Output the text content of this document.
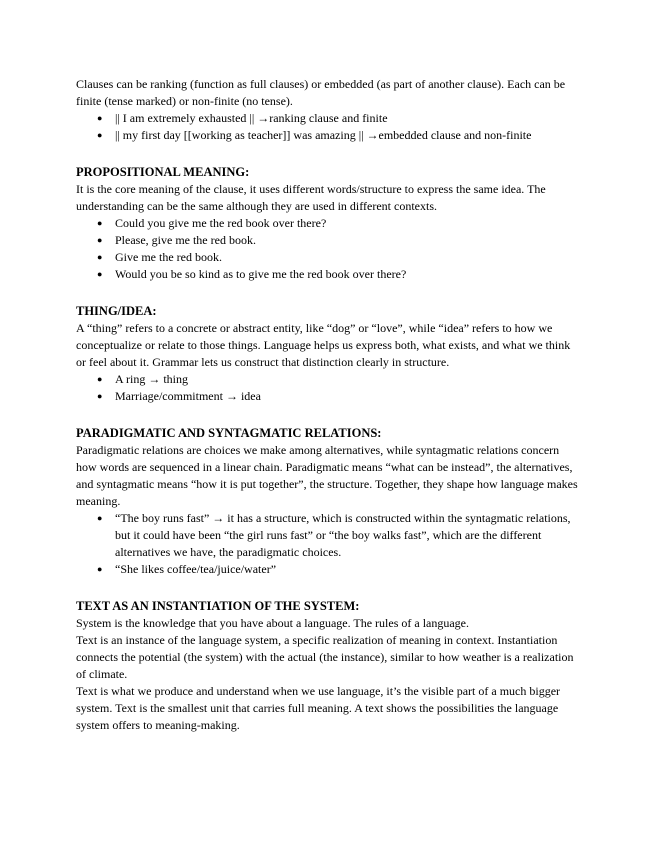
Clauses can be ranking (function as full clauses) or embedded (as part of another clause). Each can be finite (tense marked) or non-finite (no tense).

● || I am extremely exhausted || →ranking clause and finite
● || my first day [[working as teacher]] was amazing || →embedded clause and non-finite
PROPOSITIONAL MEANING:

It is the core meaning of the clause, it uses different words/structure to express the same idea. The understanding can be the same although they are used in different contexts.

● Could you give me the red book over there?
● Please, give me the red book.
● Give me the red book.
● Would you be so kind as to give me the red book over there?
THING/IDEA:

A “thing” refers to a concrete or abstract entity, like “dog” or “love”, while “idea” refers to how we conceptualize or relate to those things. Language helps us express both, what exists, and what we think or feel about it. Grammar lets us construct that distinction clearly in structure.

● A ring → thing
● Marriage/commitment → idea
PARADIGMATIC AND SYNTAGMATIC RELATIONS:

Paradigmatic relations are choices we make among alternatives, while syntagmatic relations concern how words are sequenced in a linear chain. Paradigmatic means “what can be instead”, the alternatives, and syntagmatic means “how it is put together”, the structure. Together, they shape how language makes meaning.

● “The boy runs fast” → it has a structure, which is constructed within the syntagmatic relations, but it could have been “the girl runs fast” or “the boy walks fast”, which are the different alternatives we have, the paradigmatic choices.
● “She likes coffee/tea/juice/water”
TEXT AS AN INSTANTIATION OF THE SYSTEM:

System is the knowledge that you have about a language. The rules of a language.

Text is an instance of the language system, a specific realization of meaning in context. Instantiation connects the potential (the system) with the actual (the instance), similar to how weather is a realization of climate.

Text is what we produce and understand when we use language, it’s the visible part of a much bigger system. Text is the smallest unit that carries full meaning. A text shows the possibilities the language system offers to meaning-making.
